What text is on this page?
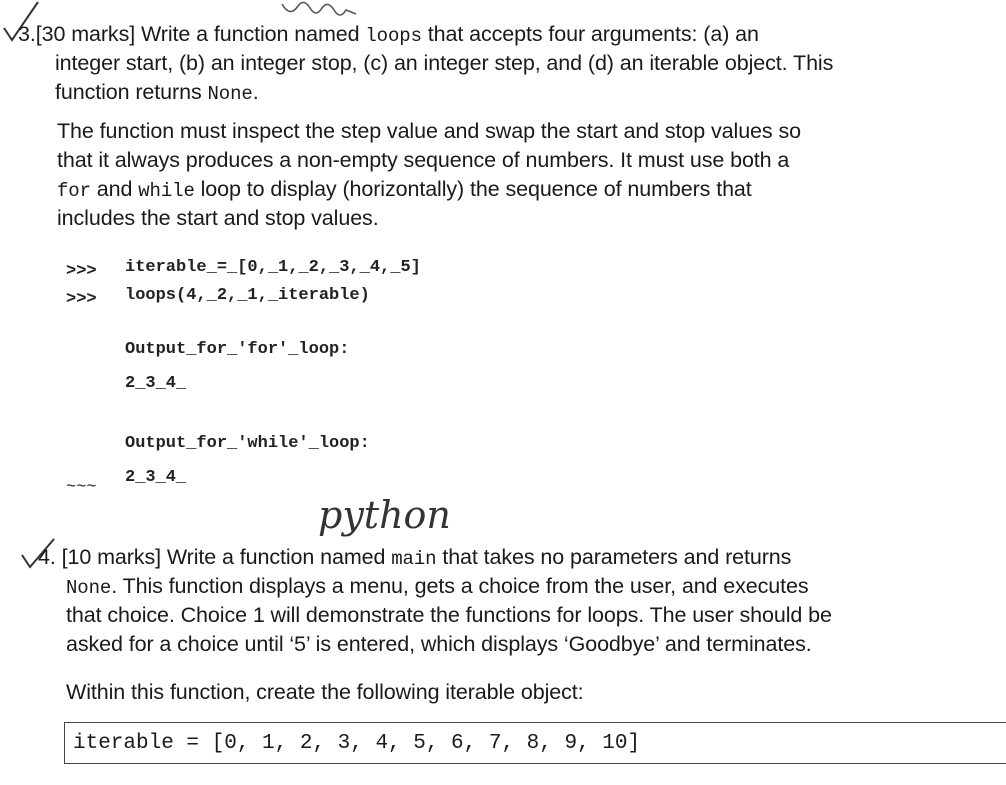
3.[30 marks] Write a function named loops that accepts four arguments: (a) an
integer start, (b) an integer stop, (c) an integer step, and (d) an iterable object. This
function returns None.
The function must inspect the step value and swap the start and stop values so
that it always produces a non-empty sequence of numbers. It must use both a
for and while loop to display (horizontally) the sequence of numbers that
includes the start and stop values.
>>> iterable_=_[0,_1,_2,_3,_4,_5]
>>> loops(4,_2,_1,_iterable)
Output_for_'for'_loop:
2_3_4_
Output_for_'while'_loop:
2_3_4_
~~~
python
4. [10 marks] Write a function named main that takes no parameters and returns
None. This function displays a menu, gets a choice from the user, and executes
that choice. Choice 1 will demonstrate the functions for loops. The user should be
asked for a choice until ‘5’ is entered, which displays ‘Goodbye’ and terminates.
Within this function, create the following iterable object:
iterable = [0, 1, 2, 3, 4, 5, 6, 7, 8, 9, 10]
